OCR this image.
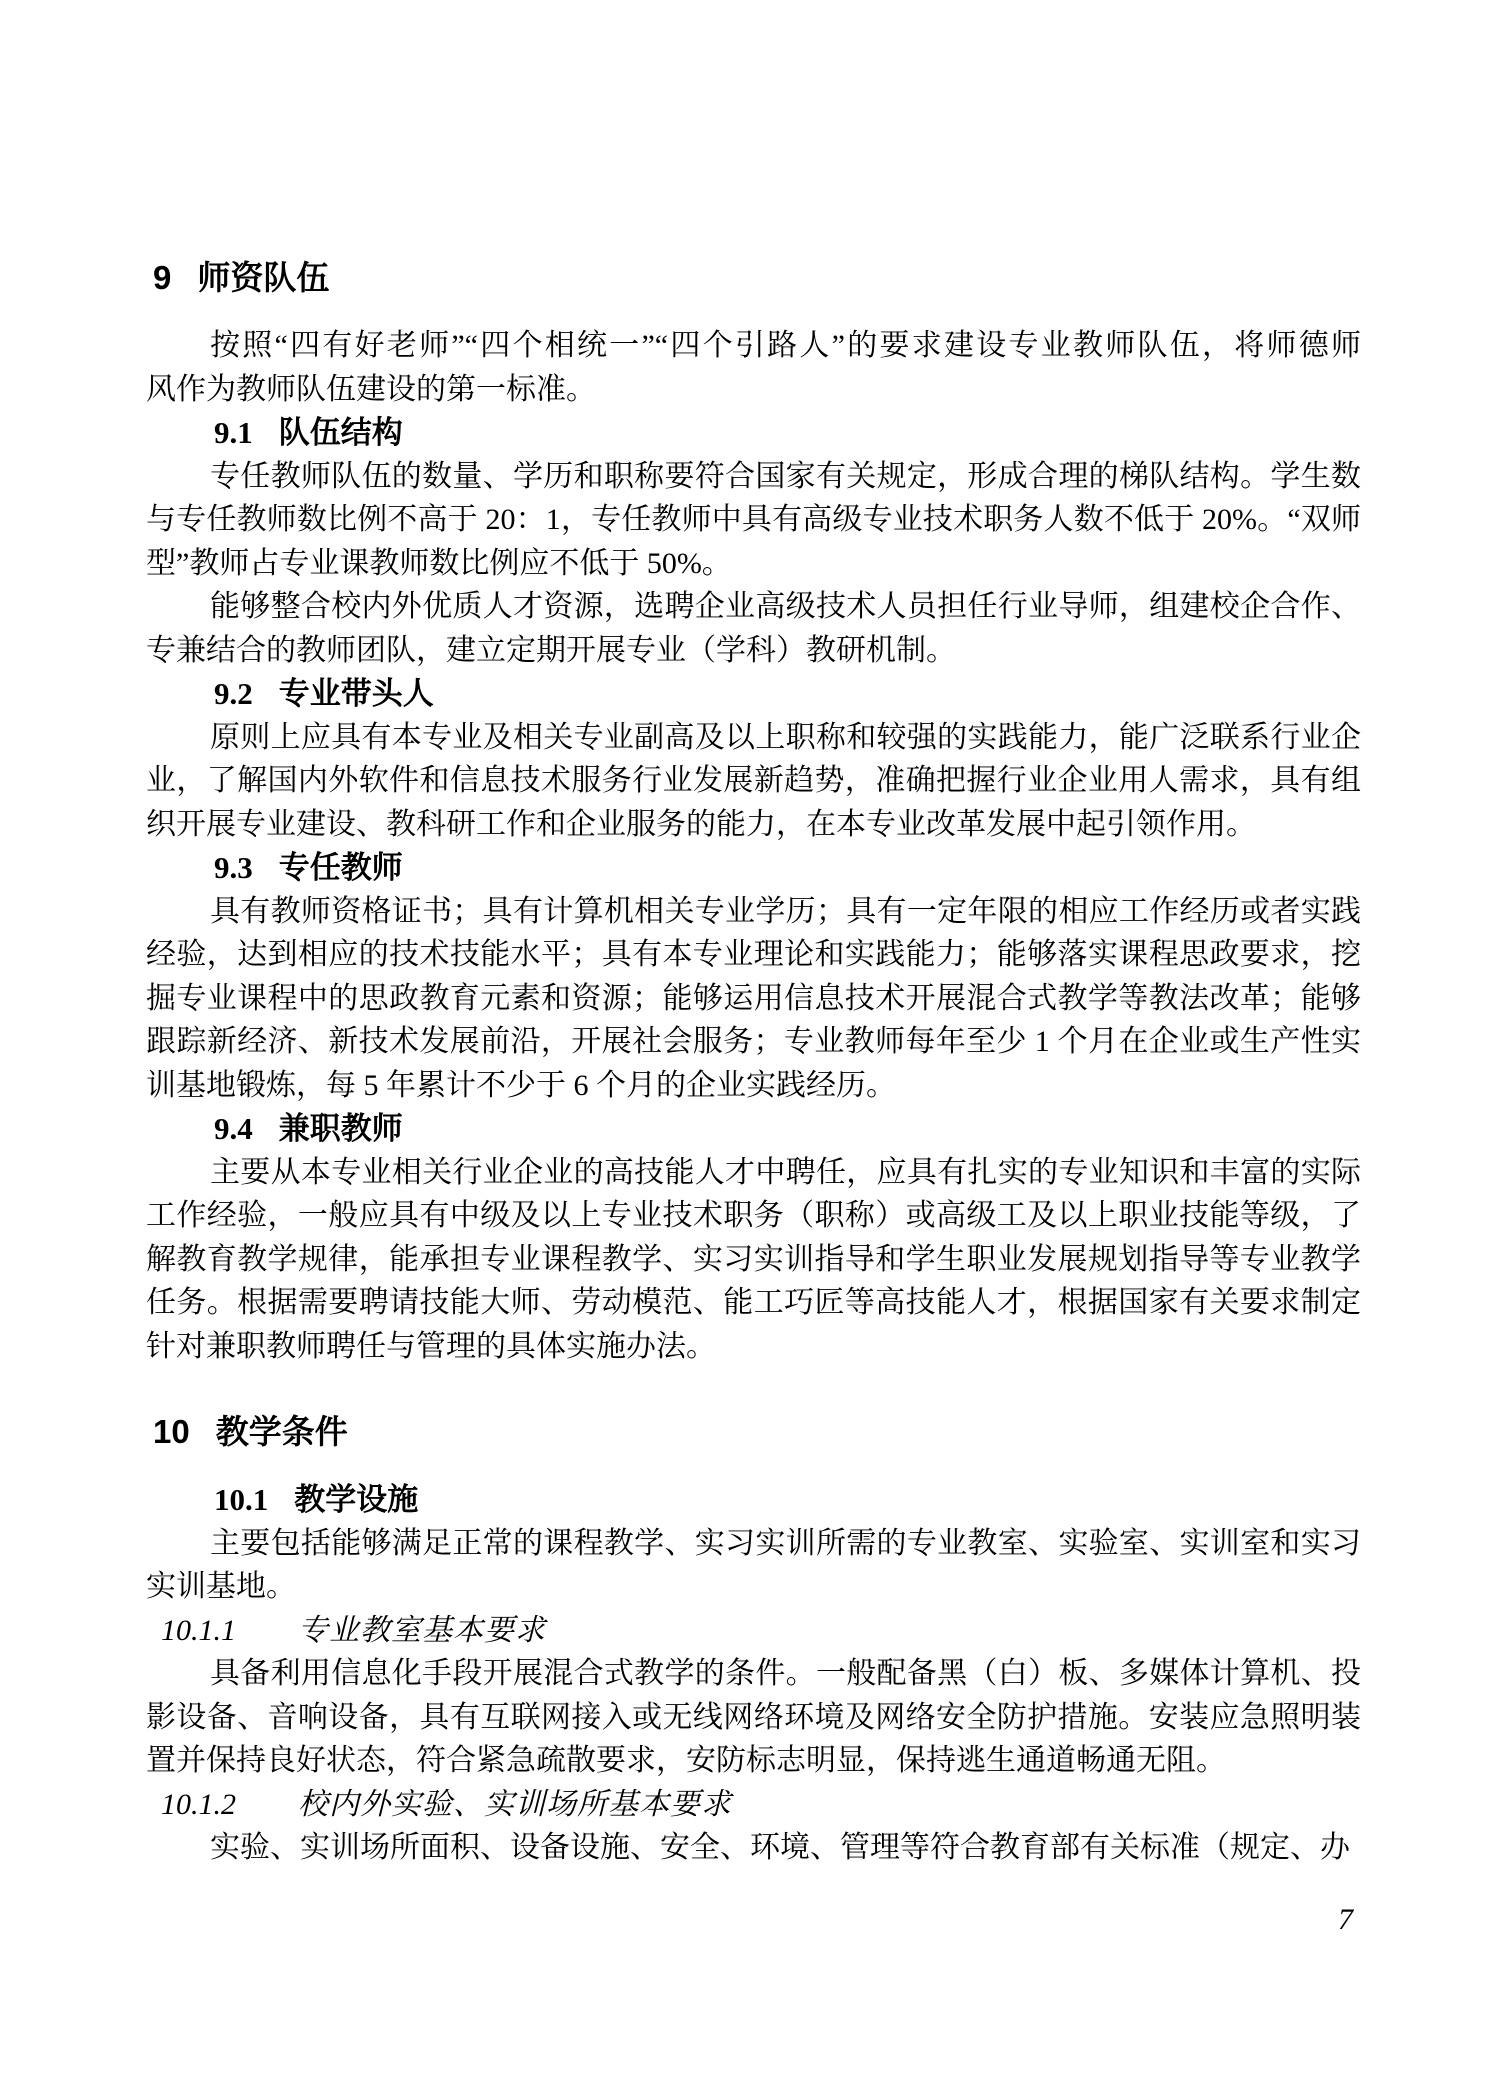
9 师资队伍
按照“四有好老师”“四个相统一”“四个引路人”的要求建设专业教师队伍，将师德师
风作为教师队伍建设的第一标准。
9.1 队伍结构
专任教师队伍的数量、学历和职称要符合国家有关规定，形成合理的梯队结构。学生数
与专任教师数比例不高于 20：1，专任教师中具有高级专业技术职务人数不低于 20%。“双师
型”教师占专业课教师数比例应不低于 50%。
能够整合校内外优质人才资源，选聘企业高级技术人员担任行业导师，组建校企合作、
专兼结合的教师团队，建立定期开展专业（学科）教研机制。
9.2 专业带头人
原则上应具有本专业及相关专业副高及以上职称和较强的实践能力，能广泛联系行业企
业，了解国内外软件和信息技术服务行业发展新趋势，准确把握行业企业用人需求，具有组
织开展专业建设、教科研工作和企业服务的能力，在本专业改革发展中起引领作用。
9.3 专任教师
具有教师资格证书；具有计算机相关专业学历；具有一定年限的相应工作经历或者实践
经验，达到相应的技术技能水平；具有本专业理论和实践能力；能够落实课程思政要求，挖
掘专业课程中的思政教育元素和资源；能够运用信息技术开展混合式教学等教法改革；能够
跟踪新经济、新技术发展前沿，开展社会服务；专业教师每年至少 1 个月在企业或生产性实
训基地锻炼，每 5 年累计不少于 6 个月的企业实践经历。
9.4 兼职教师
主要从本专业相关行业企业的高技能人才中聘任，应具有扎实的专业知识和丰富的实际
工作经验，一般应具有中级及以上专业技术职务（职称）或高级工及以上职业技能等级，了
解教育教学规律，能承担专业课程教学、实习实训指导和学生职业发展规划指导等专业教学
任务。根据需要聘请技能大师、劳动模范、能工巧匠等高技能人才，根据国家有关要求制定
针对兼职教师聘任与管理的具体实施办法。
10 教学条件
10.1 教学设施
主要包括能够满足正常的课程教学、实习实训所需的专业教室、实验室、实训室和实习
实训基地。
10.1.1 专业教室基本要求
具备利用信息化手段开展混合式教学的条件。一般配备黑（白）板、多媒体计算机、投
影设备、音响设备，具有互联网接入或无线网络环境及网络安全防护措施。安装应急照明装
置并保持良好状态，符合紧急疏散要求，安防标志明显，保持逃生通道畅通无阻。
10.1.2 校内外实验、实训场所基本要求
实验、实训场所面积、设备设施、安全、环境、管理等符合教育部有关标准（规定、办
7
